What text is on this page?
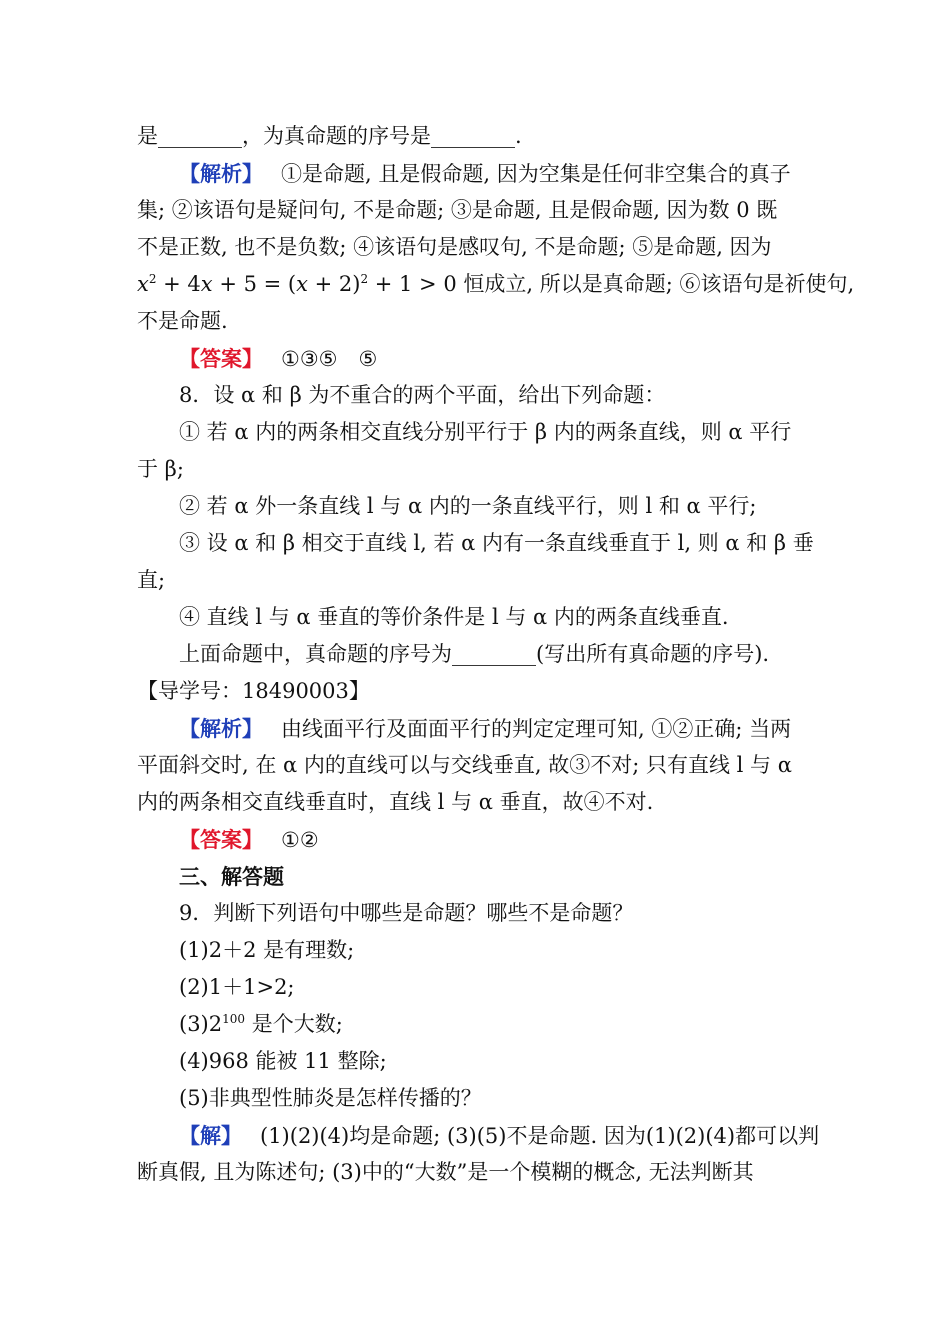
是________，为真命题的序号是________.
【解析】 ①是命题, 且是假命题, 因为空集是任何非空集合的真子
集; ②该语句是疑问句, 不是命题; ③是命题, 且是假命题, 因为数 0 既
不是正数, 也不是负数; ④该语句是感叹句, 不是命题; ⑤是命题, 因为
$x^2 + 4x + 5 = (x + 2)^2 + 1 > 0$ 恒成立, 所以是真命题; ⑥该语句是祈使句,
不是命题.
【答案】 ①③⑤　⑤
8．设 α 和 β 为不重合的两个平面，给出下列命题：
① 若 α 内的两条相交直线分别平行于 β 内的两条直线，则 α 平行
于 β;
② 若 α 外一条直线 l 与 α 内的一条直线平行，则 l 和 α 平行;
③ 设 α 和 β 相交于直线 l, 若 α 内有一条直线垂直于 l, 则 α 和 β 垂
直;
④ 直线 l 与 α 垂直的等价条件是 l 与 α 内的两条直线垂直.
上面命题中，真命题的序号为________(写出所有真命题的序号).
【导学号：18490003】
【解析】 由线面平行及面面平行的判定定理可知, ①②正确; 当两
平面斜交时, 在 α 内的直线可以与交线垂直, 故③不对; 只有直线 l 与 α
内的两条相交直线垂直时，直线 l 与 α 垂直，故④不对.
【答案】 ①②
三、解答题
9．判断下列语句中哪些是命题？哪些不是命题？
(1)2＋2 是有理数;
(2)1＋1>2;
$(3)2^{100}$ 是个大数;
(4)968 能被 11 整除;
(5)非典型性肺炎是怎样传播的？
【解】 (1)(2)(4)均是命题; (3)(5)不是命题. 因为(1)(2)(4)都可以判
断真假, 且为陈述句; (3)中的“大数”是一个模糊的概念, 无法判断其
